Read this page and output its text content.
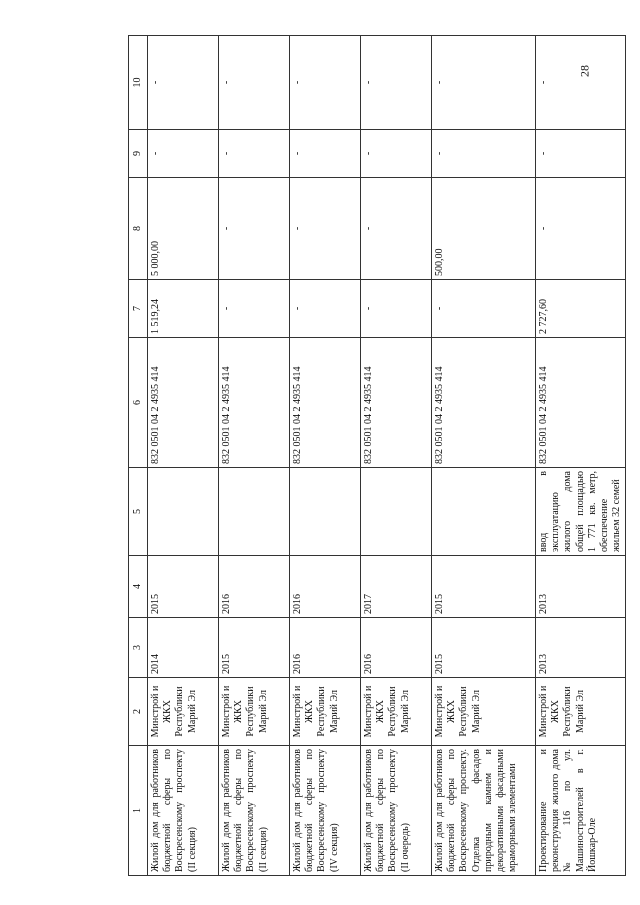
28
1	2	3	4	5	6	7	8	9	10
Жилой дом для работников бюджетной сферы по Воскресенскому проспекту (II секция)	Минстрой и ЖКХ Республики Марий Эл	2014	2015		832 0501 04 2 4935 414	1 519,24	5 000,00	-	-
Жилой дом для работников бюджетной сферы по Воскресенскому проспекту (II секция)	Минстрой и ЖКХ Республики Марий Эл	2015	2016		832 0501 04 2 4935 414	-	-	-	-
Жилой дом для работников бюджетной сферы по Воскресенскому проспекту (IV секция)	Минстрой и ЖКХ Республики Марий Эл	2016	2016		832 0501 04 2 4935 414	-	-	-	-
Жилой дом для работников бюджетной сферы по Воскресенскому проспекту (II очередь)	Минстрой и ЖКХ Республики Марий Эл	2016	2017		832 0501 04 2 4935 414	-	-	-	-
Жилой дом для работников бюджетной сферы по Воскресенскому проспекту. Отделка фасадов природным камнем и декоративными фасадными мраморными элементами	Минстрой и ЖКХ Республики Марий Эл	2015	2015		832 0501 04 2 4935 414	-	500,00	-	-
Проектирование и реконструкция жилого дома № 116 по ул. Машиностроителей в г. Йошкар-Оле	Минстрой и ЖКХ Республики Марий Эл	2013	2013	ввод в эксплуатацию жилого дома общей площадью 1 771 кв. метр, обеспечение жильем 32 семей	832 0501 04 2 4935 414	2 727,60	-	-	-
